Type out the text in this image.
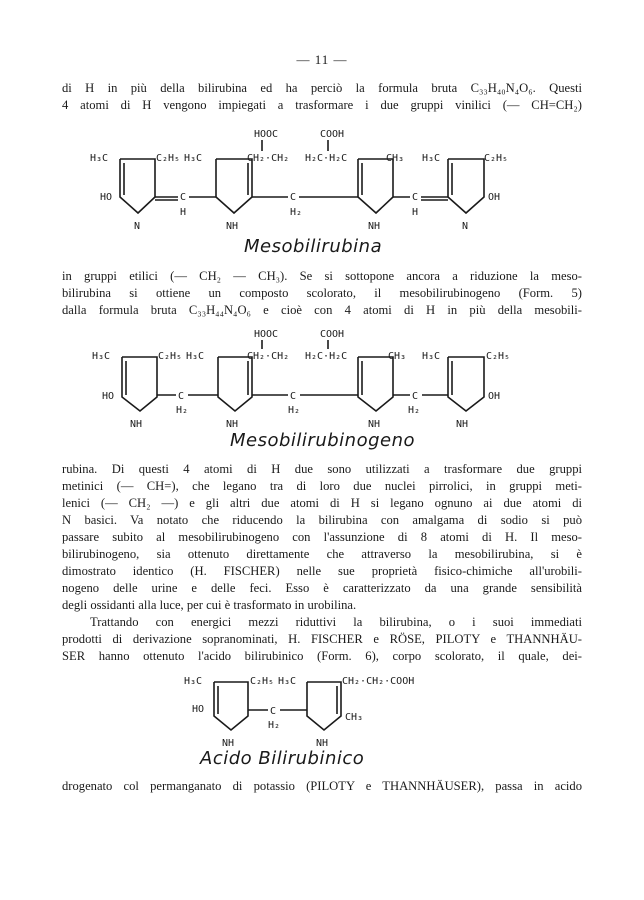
— 11 —

di H in più della bilirubina ed ha perciò la formula bruta C₃₃H₄₀N₄O₆. Questi
4 atomi di H vengono impiegati a trasformare i due gruppi vinilici (— CH=CH₂)

HOOC	COOH
H₃C	C₂H₅ H₃C	CH₂·CH₂ H₂C·H₂C	CH₃ H₃C	C₂H₅
HO	C
H
C
H₂
C
H
OH
N	NH	NH	N
Mesobilirubina

in gruppi etilici (— CH₂ — CH₃). Se si sottopone ancora a riduzione la meso-
bilirubina si ottiene un composto scolorato, il mesobilirubinogeno (Form. 5)
dalla formula bruta C₃₃H₄₄N₄O₆ e cioè con 4 atomi di H in più della mesobili-

HOOC	COOH
H₃C	C₂H₅ H₃C	CH₂·CH₂ H₂C·H₂C	CH₃ H₃C	C₂H₅
HO	C
H₂
C
H₂
C
H₂
OH
NH	NH	NH	NH
Mesobilirubinogeno

rubina. Di questi 4 atomi di H due sono utilizzati a trasformare due gruppi
metinici (— CH=), che legano tra di loro due nuclei pirrolici, in gruppi meti-
lenici (— CH₂ —) e gli altri due atomi di H si legano ognuno ai due atomi di
N basici. Va notato che riducendo la bilirubina con amalgama di sodio si può
passare subito al mesobilirubinogeno con l'assunzione di 8 atomi di H. Il meso-
bilirubinogeno, sia ottenuto direttamente che attraverso la mesobilirubina, si è
dimostrato identico (H. FISCHER) nelle sue proprietà fisico-chimiche all'urobili-
nogeno delle urine e delle feci. Esso è caratterizzato da una grande sensibilità
degli ossidanti alla luce, per cui è trasformato in urobilina.

Trattando con energici mezzi riduttivi la bilirubina, o i suoi immediati
prodotti di derivazione sopranominati, H. FISCHER e RÖSE, PILOTY e THANNHÄU-
SER hanno ottenuto l'acido bilirubinico (Form. 6), corpo scolorato, il quale, dei-

H₃C	C₂H₅ H₃C	CH₂·CH₂·COOH
HO	C
H₂
CH₃
NH	NH
Acido Bilirubinico

drogenato col permanganato di potassio (PILOTY e THANNHÄUSER), passa in acido
